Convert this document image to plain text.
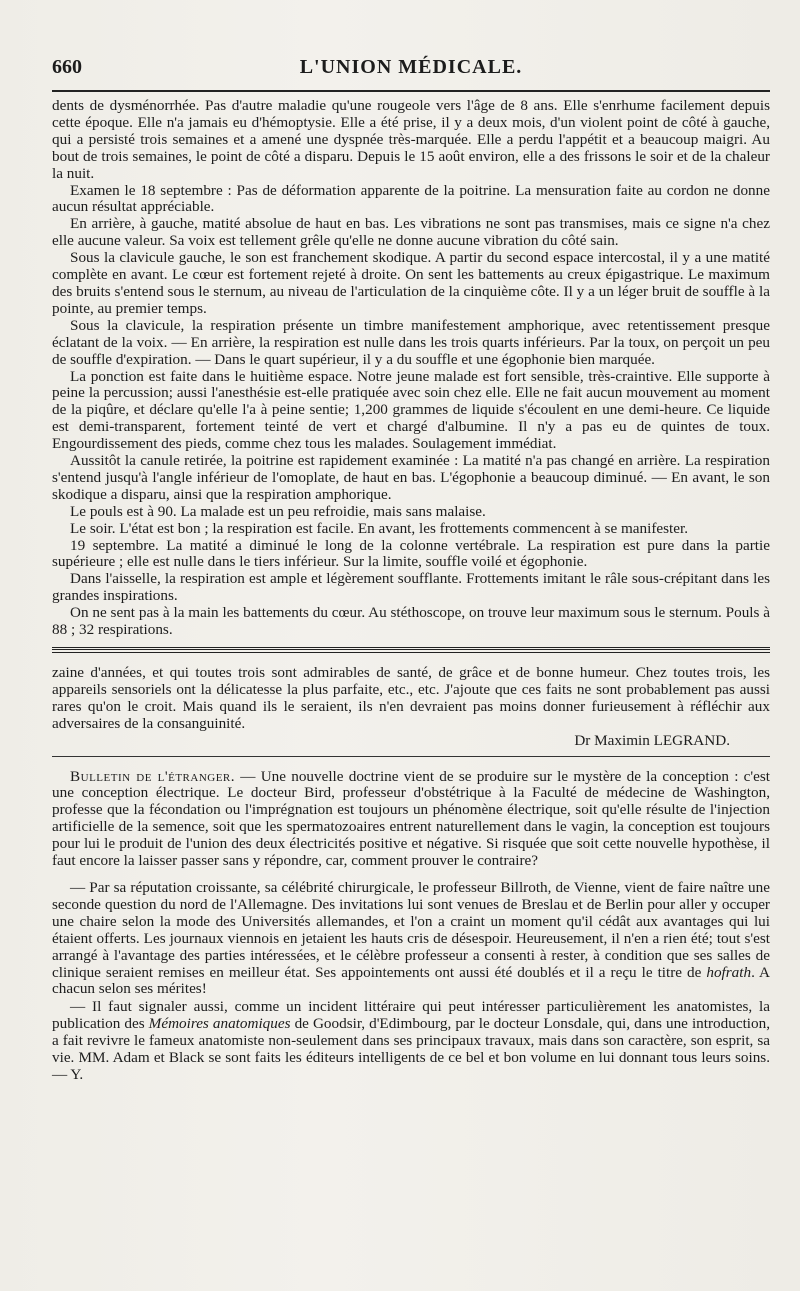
660	L'UNION MÉDICALE.

dents de dysménorrhée. Pas d'autre maladie qu'une rougeole vers l'âge de 8 ans. Elle s'enrhume facilement depuis cette époque. Elle n'a jamais eu d'hémoptysie. Elle a été prise, il y a deux mois, d'un violent point de côté à gauche, qui a persisté trois semaines et a amené une dyspnée très-marquée. Elle a perdu l'appétit et a beaucoup maigri. Au bout de trois semaines, le point de côté a disparu. Depuis le 15 août environ, elle a des frissons le soir et de la chaleur la nuit.

Examen le 18 septembre : Pas de déformation apparente de la poitrine. La mensuration faite au cordon ne donne aucun résultat appréciable.

En arrière, à gauche, matité absolue de haut en bas. Les vibrations ne sont pas transmises, mais ce signe n'a chez elle aucune valeur. Sa voix est tellement grêle qu'elle ne donne aucune vibration du côté sain.

Sous la clavicule gauche, le son est franchement skodique. A partir du second espace intercostal, il y a une matité complète en avant. Le cœur est fortement rejeté à droite. On sent les battements au creux épigastrique. Le maximum des bruits s'entend sous le sternum, au niveau de l'articulation de la cinquième côte. Il y a un léger bruit de souffle à la pointe, au premier temps.

Sous la clavicule, la respiration présente un timbre manifestement amphorique, avec retentissement presque éclatant de la voix. — En arrière, la respiration est nulle dans les trois quarts inférieurs. Par la toux, on perçoit un peu de souffle d'expiration. — Dans le quart supérieur, il y a du souffle et une égophonie bien marquée.

La ponction est faite dans le huitième espace. Notre jeune malade est fort sensible, très-craintive. Elle supporte à peine la percussion; aussi l'anesthésie est-elle pratiquée avec soin chez elle. Elle ne fait aucun mouvement au moment de la piqûre, et déclare qu'elle l'a à peine sentie; 1,200 grammes de liquide s'écoulent en une demi-heure. Ce liquide est demi-transparent, fortement teinté de vert et chargé d'albumine. Il n'y a pas eu de quintes de toux. Engourdissement des pieds, comme chez tous les malades. Soulagement immédiat.

Aussitôt la canule retirée, la poitrine est rapidement examinée : La matité n'a pas changé en arrière. La respiration s'entend jusqu'à l'angle inférieur de l'omoplate, de haut en bas. L'égophonie a beaucoup diminué. — En avant, le son skodique a disparu, ainsi que la respiration amphorique.

Le pouls est à 90. La malade est un peu refroidie, mais sans malaise.

Le soir. L'état est bon ; la respiration est facile. En avant, les frottements commencent à se manifester.

19 septembre. La matité a diminué le long de la colonne vertébrale. La respiration est pure dans la partie supérieure ; elle est nulle dans le tiers inférieur. Sur la limite, souffle voilé et égophonie.

Dans l'aisselle, la respiration est ample et légèrement soufflante. Frottements imitant le râle sous-crépitant dans les grandes inspirations.

On ne sent pas à la main les battements du cœur. Au stéthoscope, on trouve leur maximum sous le sternum. Pouls à 88 ; 32 respirations.

zaine d'années, et qui toutes trois sont admirables de santé, de grâce et de bonne humeur. Chez toutes trois, les appareils sensoriels ont la délicatesse la plus parfaite, etc., etc. J'ajoute que ces faits ne sont probablement pas aussi rares qu'on le croit. Mais quand ils le seraient, ils n'en devraient pas moins donner furieusement à réfléchir aux adversaires de la consanguinité.

Dr Maximin LEGRAND.

Bulletin de l'étranger. — Une nouvelle doctrine vient de se produire sur le mystère de la conception : c'est une conception électrique. Le docteur Bird, professeur d'obstétrique à la Faculté de médecine de Washington, professe que la fécondation ou l'imprégnation est toujours un phénomène électrique, soit qu'elle résulte de l'injection artificielle de la semence, soit que les spermatozoaires entrent naturellement dans le vagin, la conception est toujours pour lui le produit de l'union des deux électricités positive et négative. Si risquée que soit cette nouvelle hypothèse, il faut encore la laisser passer sans y répondre, car, comment prouver le contraire?

— Par sa réputation croissante, sa célébrité chirurgicale, le professeur Billroth, de Vienne, vient de faire naître une seconde question du nord de l'Allemagne. Des invitations lui sont venues de Breslau et de Berlin pour aller y occuper une chaire selon la mode des Universités allemandes, et l'on a craint un moment qu'il cédât aux avantages qui lui étaient offerts. Les journaux viennois en jetaient les hauts cris de désespoir. Heureusement, il n'en a rien été; tout s'est arrangé à l'avantage des parties intéressées, et le célèbre professeur a consenti à rester, à condition que ses salles de clinique seraient remises en meilleur état. Ses appointements ont aussi été doublés et il a reçu le titre de hofrath. A chacun selon ses mérites!

— Il faut signaler aussi, comme un incident littéraire qui peut intéresser particulièrement les anatomistes, la publication des Mémoires anatomiques de Goodsir, d'Edimbourg, par le docteur Lonsdale, qui, dans une introduction, a fait revivre le fameux anatomiste non-seulement dans ses principaux travaux, mais dans son caractère, son esprit, sa vie. MM. Adam et Black se sont faits les éditeurs intelligents de ce bel et bon volume en lui donnant tous leurs soins. — Y.
